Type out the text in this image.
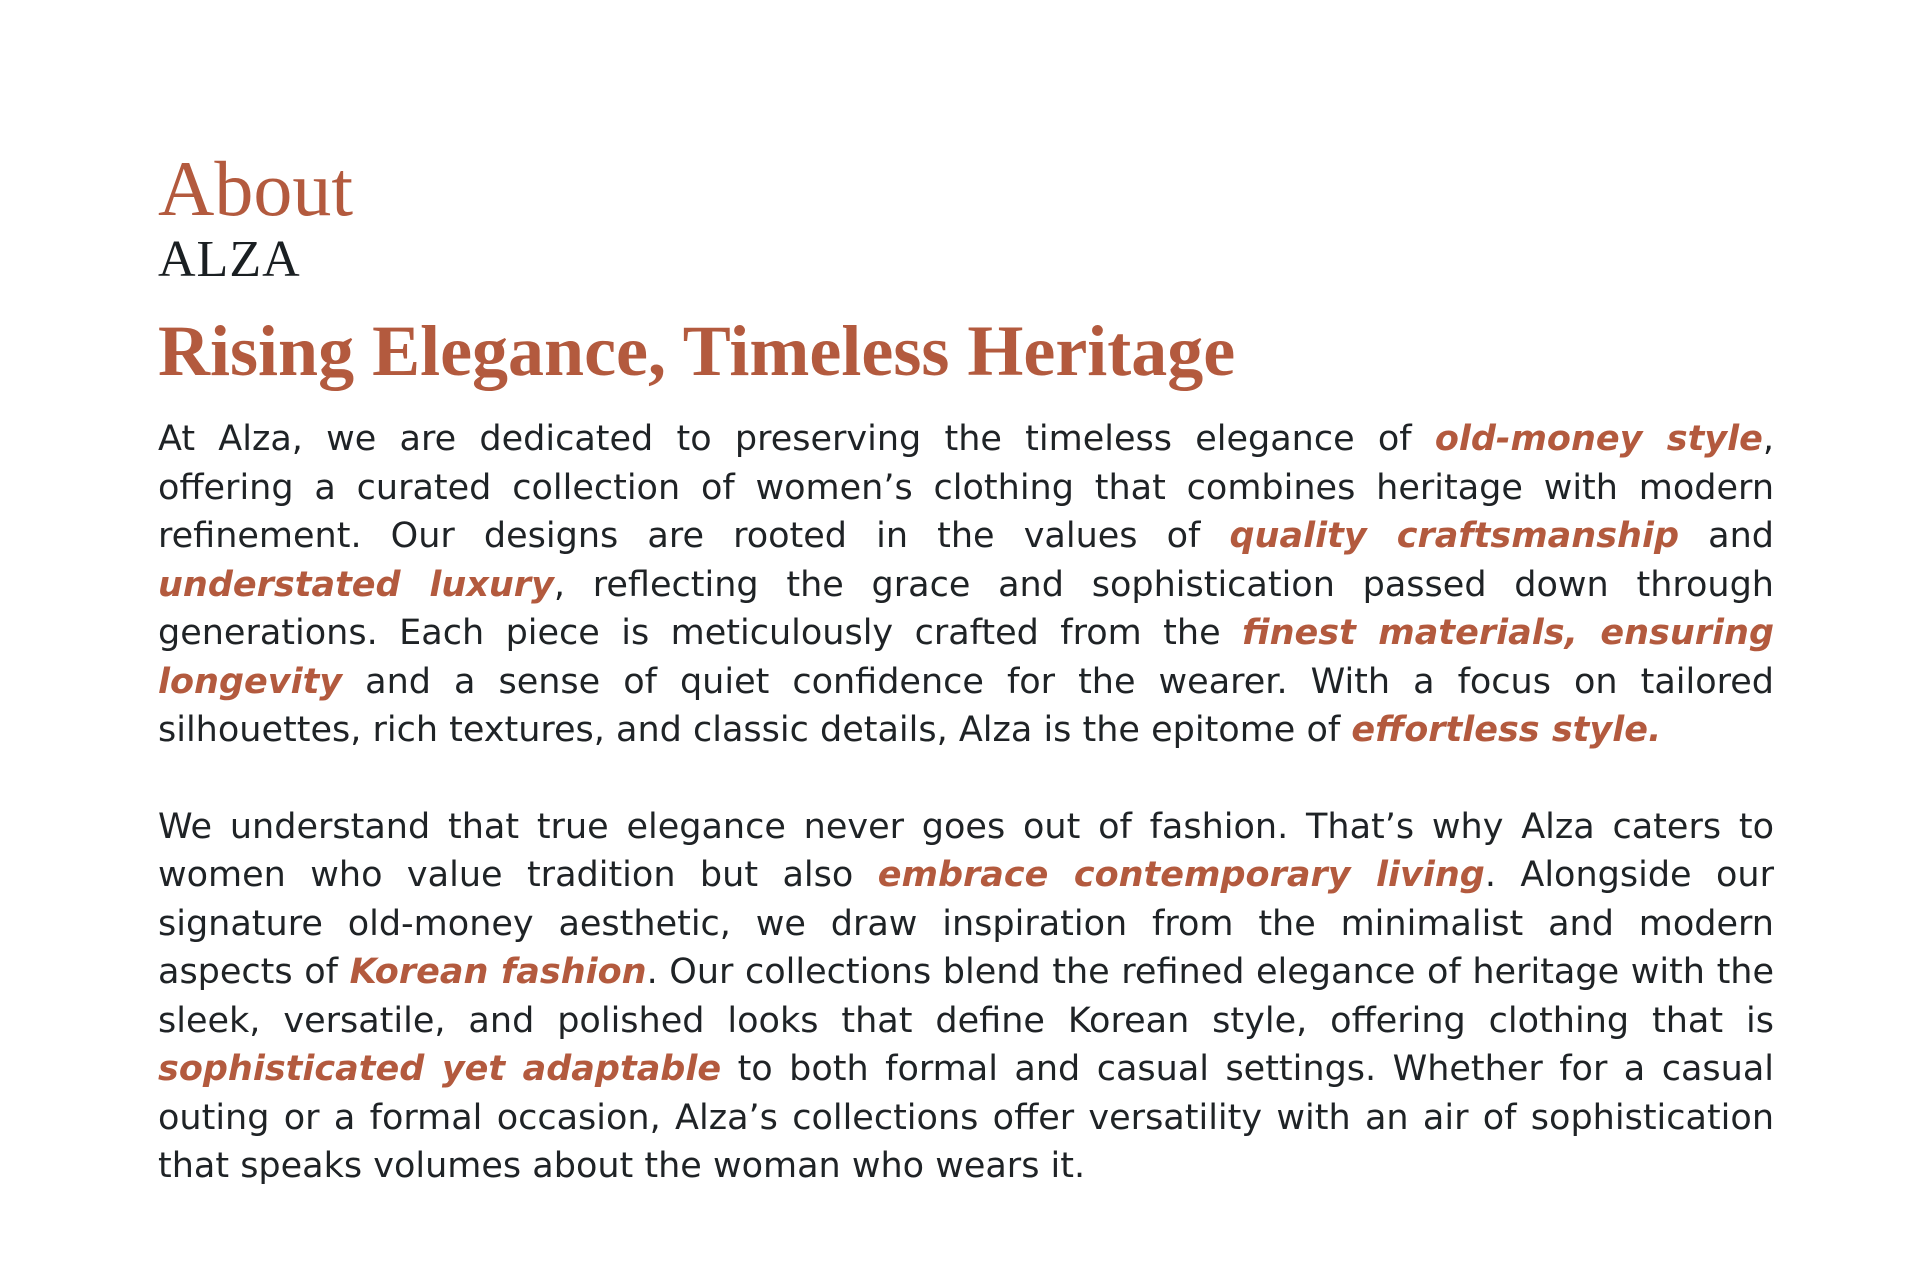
About
ALZA
Rising Elegance, Timeless Heritage

At Alza, we are dedicated to preserving the timeless elegance of old-money style, offering a curated collection of women’s clothing that combines heritage with modern refinement. Our designs are rooted in the values of quality craftsmanship and understated luxury, reflecting the grace and sophistication passed down through generations. Each piece is meticulously crafted from the finest materials, ensuring longevity and a sense of quiet confidence for the wearer. With a focus on tailored silhouettes, rich textures, and classic details, Alza is the epitome of effortless style.

We understand that true elegance never goes out of fashion. That’s why Alza caters to women who value tradition but also embrace contemporary living. Alongside our signature old-money aesthetic, we draw inspiration from the minimalist and modern aspects of Korean fashion. Our collections blend the refined elegance of heritage with the sleek, versatile, and polished looks that define Korean style, offering clothing that is sophisticated yet adaptable to both formal and casual settings. Whether for a casual outing or a formal occasion, Alza’s collections offer versatility with an air of sophistication that speaks volumes about the woman who wears it.
